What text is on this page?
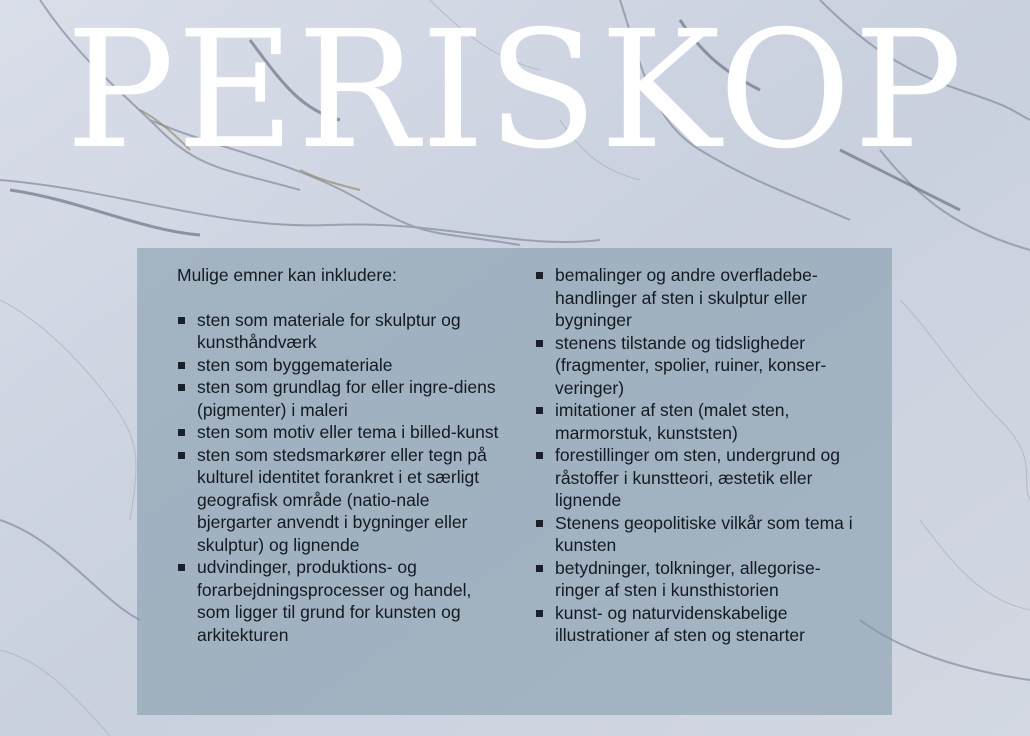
PERISKOP

Mulige emner kan inkludere:

sten som materiale for skulptur og kunsthåndværk
sten som byggemateriale
sten som grundlag for eller ingre-diens (pigmenter) i maleri
sten som motiv eller tema i billed-kunst
sten som stedsmarkører eller tegn på kulturel identitet forankret i et særligt geografisk område (natio-nale bjergarter anvendt i bygninger eller skulptur) og lignende
udvindinger, produktions- og forarbejdningsprocesser og handel, som ligger til grund for kunsten og arkitekturen
bemalinger og andre overfladebe-handlinger af sten i skulptur eller bygninger
stenens tilstande og tidsligheder (fragmenter, spolier, ruiner, konser-veringer)
imitationer af sten (malet sten, marmorstuk, kunststen)
forestillinger om sten, undergrund og råstoffer i kunstteori, æstetik eller lignende
Stenens geopolitiske vilkår som tema i kunsten
betydninger, tolkninger, allegorise-ringer af sten i kunsthistorien
kunst- og naturvidenskabelige illustrationer af sten og stenarter
